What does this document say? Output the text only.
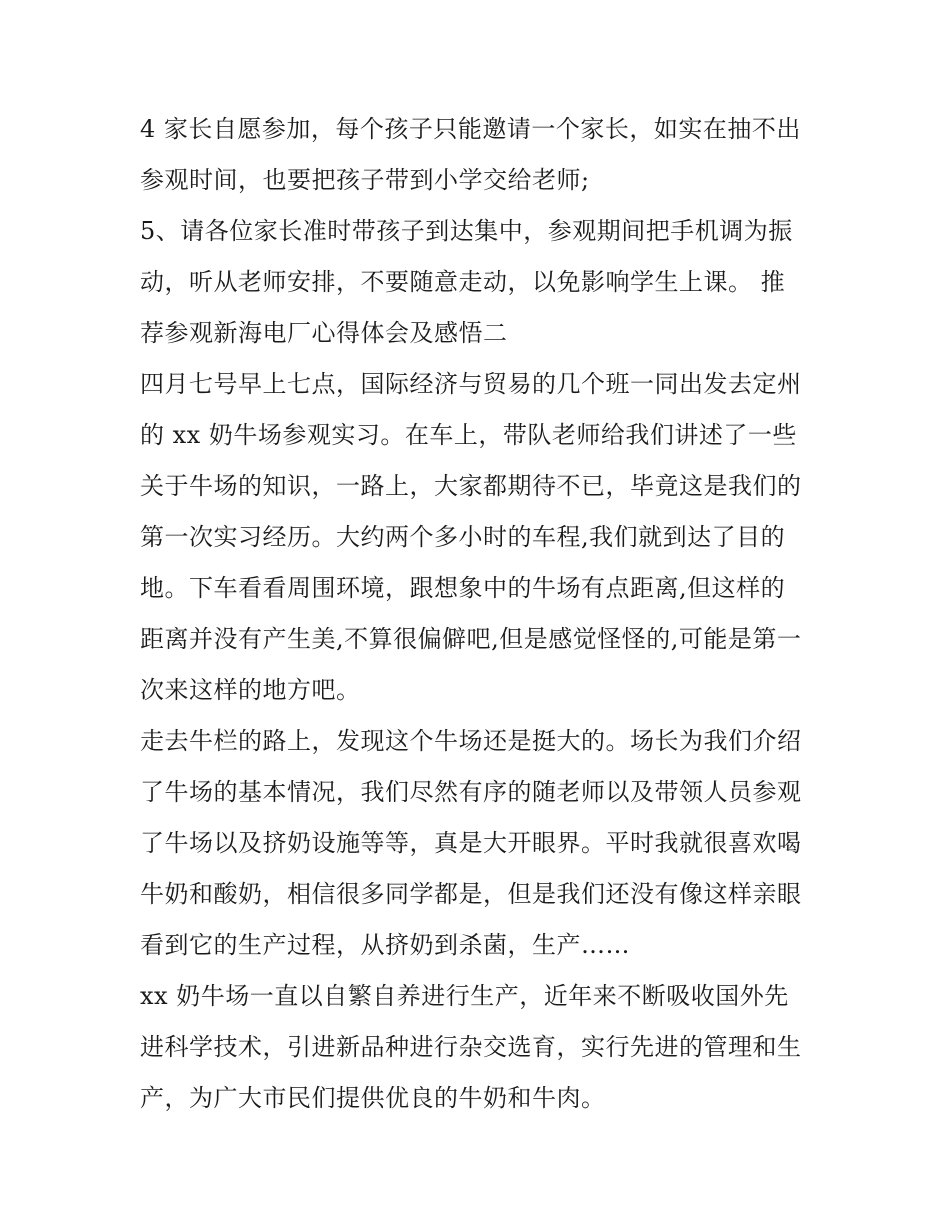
4 家长自愿参加，每个孩子只能邀请一个家长，如实在抽不出
参观时间，也要把孩子带到小学交给老师;
5、请各位家长准时带孩子到达集中，参观期间把手机调为振
动，听从老师安排，不要随意走动，以免影响学生上课。 推
荐参观新海电厂心得体会及感悟二
四月七号早上七点，国际经济与贸易的几个班一同出发去定州
的 xx 奶牛场参观实习。在车上，带队老师给我们讲述了一些
关于牛场的知识，一路上，大家都期待不已，毕竟这是我们的
第一次实习经历。大约两个多小时的车程,我们就到达了目的
地。下车看看周围环境，跟想象中的牛场有点距离,但这样的
距离并没有产生美,不算很偏僻吧,但是感觉怪怪的,可能是第一
次来这样的地方吧。
走去牛栏的路上，发现这个牛场还是挺大的。场长为我们介绍
了牛场的基本情况，我们尽然有序的随老师以及带领人员参观
了牛场以及挤奶设施等等，真是大开眼界。平时我就很喜欢喝
牛奶和酸奶，相信很多同学都是，但是我们还没有像这样亲眼
看到它的生产过程，从挤奶到杀菌，生产……
xx 奶牛场一直以自繁自养进行生产，近年来不断吸收国外先
进科学技术，引进新品种进行杂交选育，实行先进的管理和生
产，为广大市民们提供优良的牛奶和牛肉。
